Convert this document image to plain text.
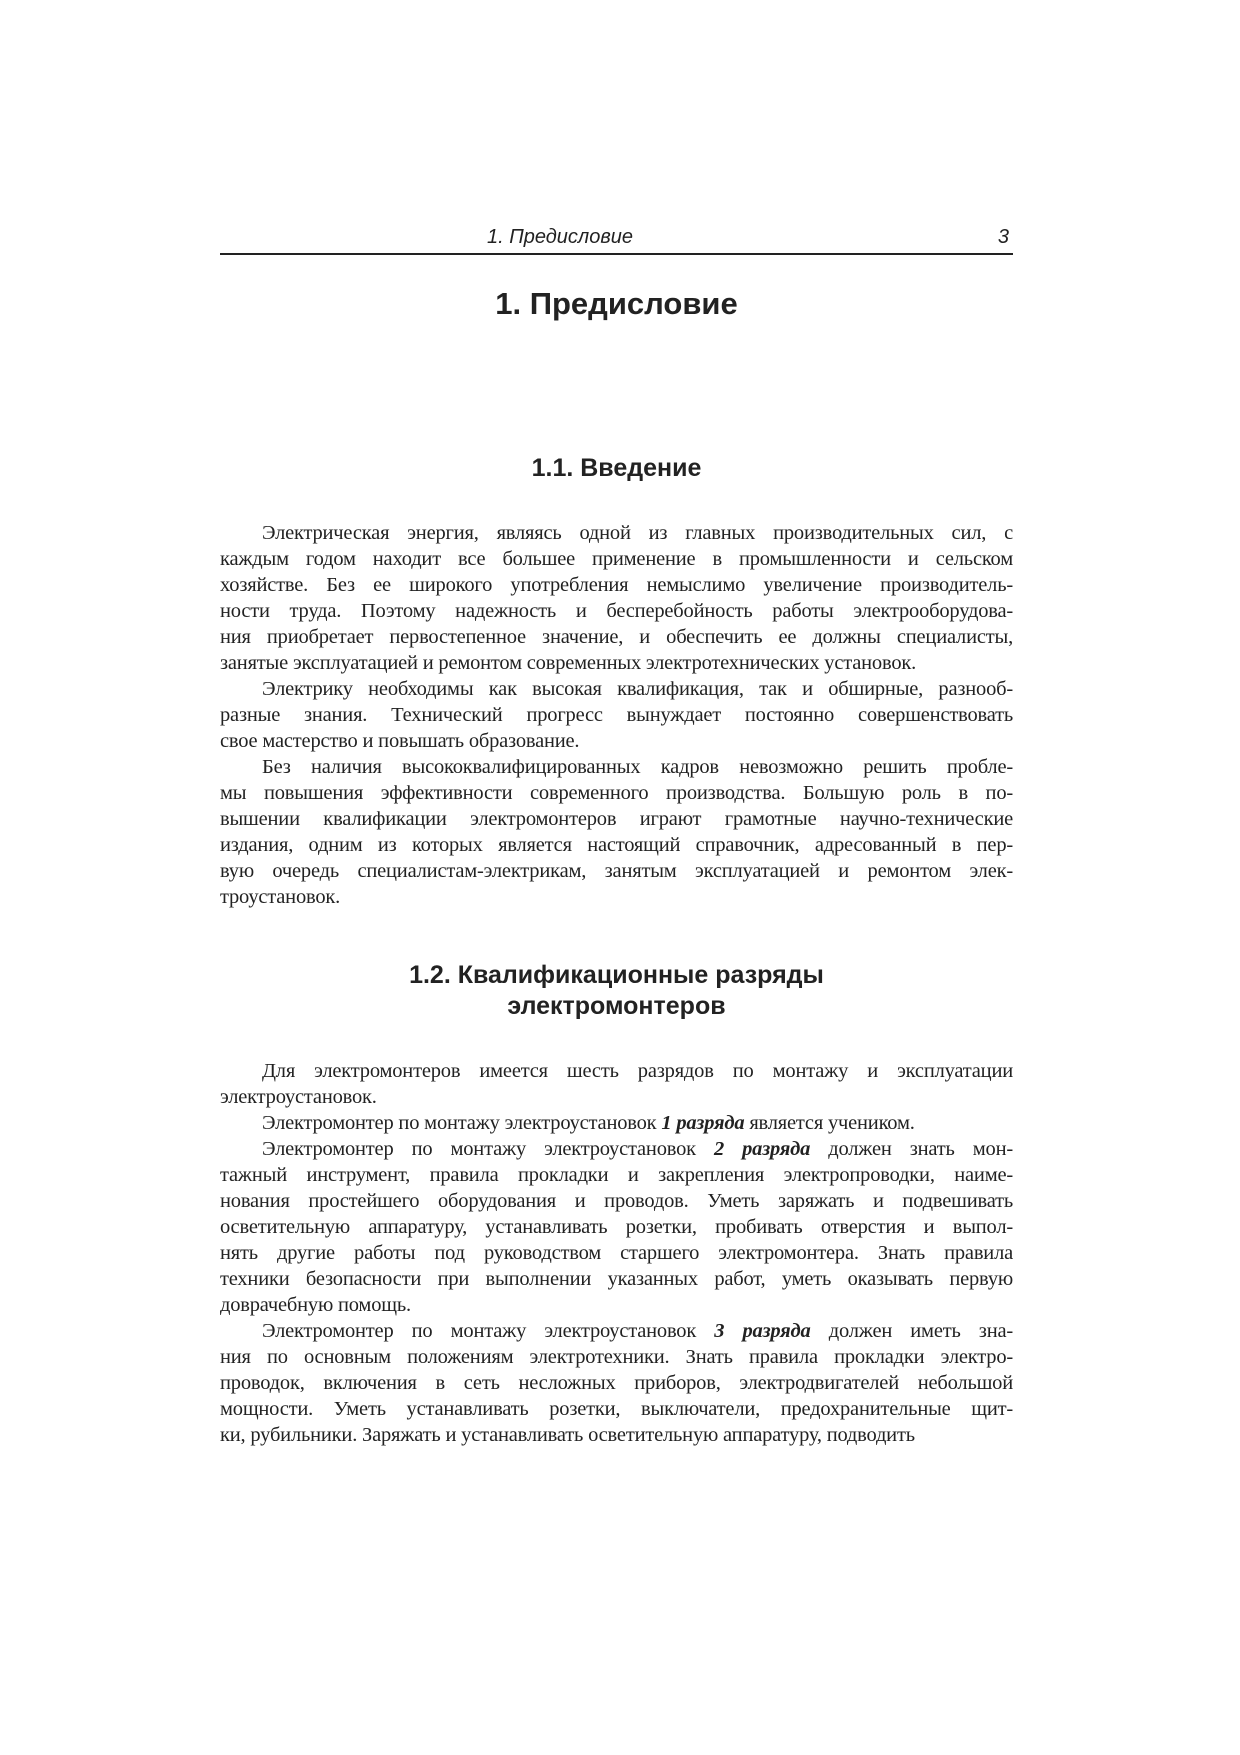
1. Предисловие	3
1. Предисловие
1.1. Введение
Электрическая энергия, являясь одной из главных производительных сил, с
каждым годом находит все большее применение в промышленности и сельском
хозяйстве. Без ее широкого употребления немыслимо увеличение производитель-
ности труда. Поэтому надежность и бесперебойность работы электрооборудова-
ния приобретает первостепенное значение, и обеспечить ее должны специалисты,
занятые эксплуатацией и ремонтом современных электротехнических установок.
Электрику необходимы как высокая квалификация, так и обширные, разнооб-
разные знания. Технический прогресс вынуждает постоянно совершенствовать
свое мастерство и повышать образование.
Без наличия высококвалифицированных кадров невозможно решить пробле-
мы повышения эффективности современного производства. Большую роль в по-
вышении квалификации электромонтеров играют грамотные научно-технические
издания, одним из которых является настоящий справочник, адресованный в пер-
вую очередь специалистам-электрикам, занятым эксплуатацией и ремонтом элек-
троустановок.
1.2. Квалификационные разряды
электромонтеров
Для электромонтеров имеется шесть разрядов по монтажу и эксплуатации
электроустановок.
Электромонтер по монтажу электроустановок 1 разряда является учеником.
Электромонтер по монтажу электроустановок 2 разряда должен знать мон-
тажный инструмент, правила прокладки и закрепления электропроводки, наиме-
нования простейшего оборудования и проводов. Уметь заряжать и подвешивать
осветительную аппаратуру, устанавливать розетки, пробивать отверстия и выпол-
нять другие работы под руководством старшего электромонтера. Знать правила
техники безопасности при выполнении указанных работ, уметь оказывать первую
доврачебную помощь.
Электромонтер по монтажу электроустановок 3 разряда должен иметь зна-
ния по основным положениям электротехники. Знать правила прокладки электро-
проводок, включения в сеть несложных приборов, электродвигателей небольшой
мощности. Уметь устанавливать розетки, выключатели, предохранительные щит-
ки, рубильники. Заряжать и устанавливать осветительную аппаратуру, подводить
